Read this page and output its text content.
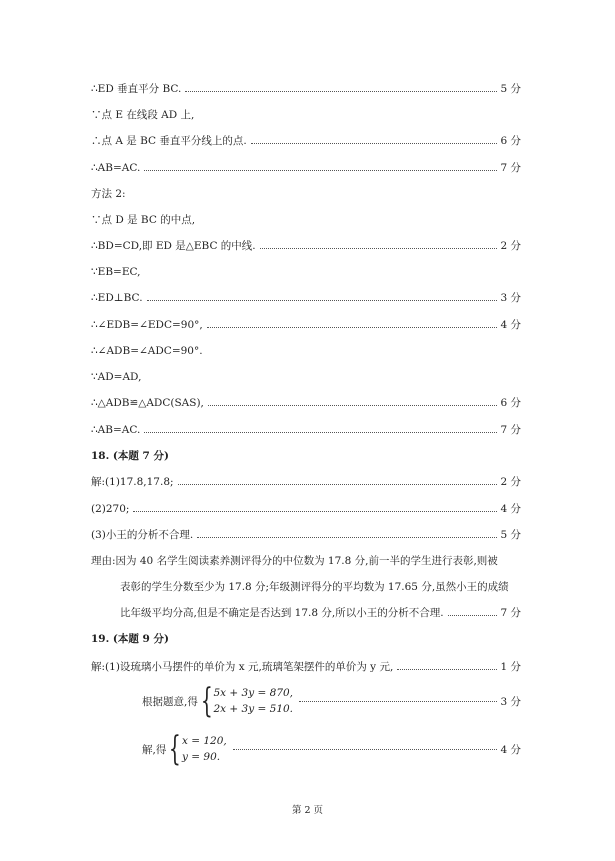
∴ED 垂直平分 BC.	5 分
∵点 E 在线段 AD 上,
∴点 A 是 BC 垂直平分线上的点.	6 分
∴AB=AC.	7 分
方法 2:
∵点 D 是 BC 的中点,
∴BD=CD,即 ED 是△EBC 的中线.	2 分
∵EB=EC,
∴ED⊥BC.	3 分
∴∠EDB=∠EDC=90°,	4 分
∴∠ADB=∠ADC=90°.
∵AD=AD,
∴△ADB≌△ADC(SAS),	6 分
∴AB=AC.	7 分
18. (本题 7 分)
解:(1)17.8,17.8;	2 分
(2)270;	4 分
(3)小王的分析不合理.	5 分
理由:因为 40 名学生阅读素养测评得分的中位数为 17.8 分,前一半的学生进行表彰,则被
表彰的学生分数至少为 17.8 分;年级测评得分的平均数为 17.65 分,虽然小王的成绩
比年级平均分高,但是不确定是否达到 17.8 分,所以小王的分析不合理.	7 分
19. (本题 9 分)
解:(1)设琉璃小马摆件的单价为 x 元,琉璃笔架摆件的单价为 y 元,	1 分
根据题意,得 { 5x + 3y = 870,
2x + 3y = 510.
3 分
解,得 { x = 120,
y = 90.
4 分
第 2 页
